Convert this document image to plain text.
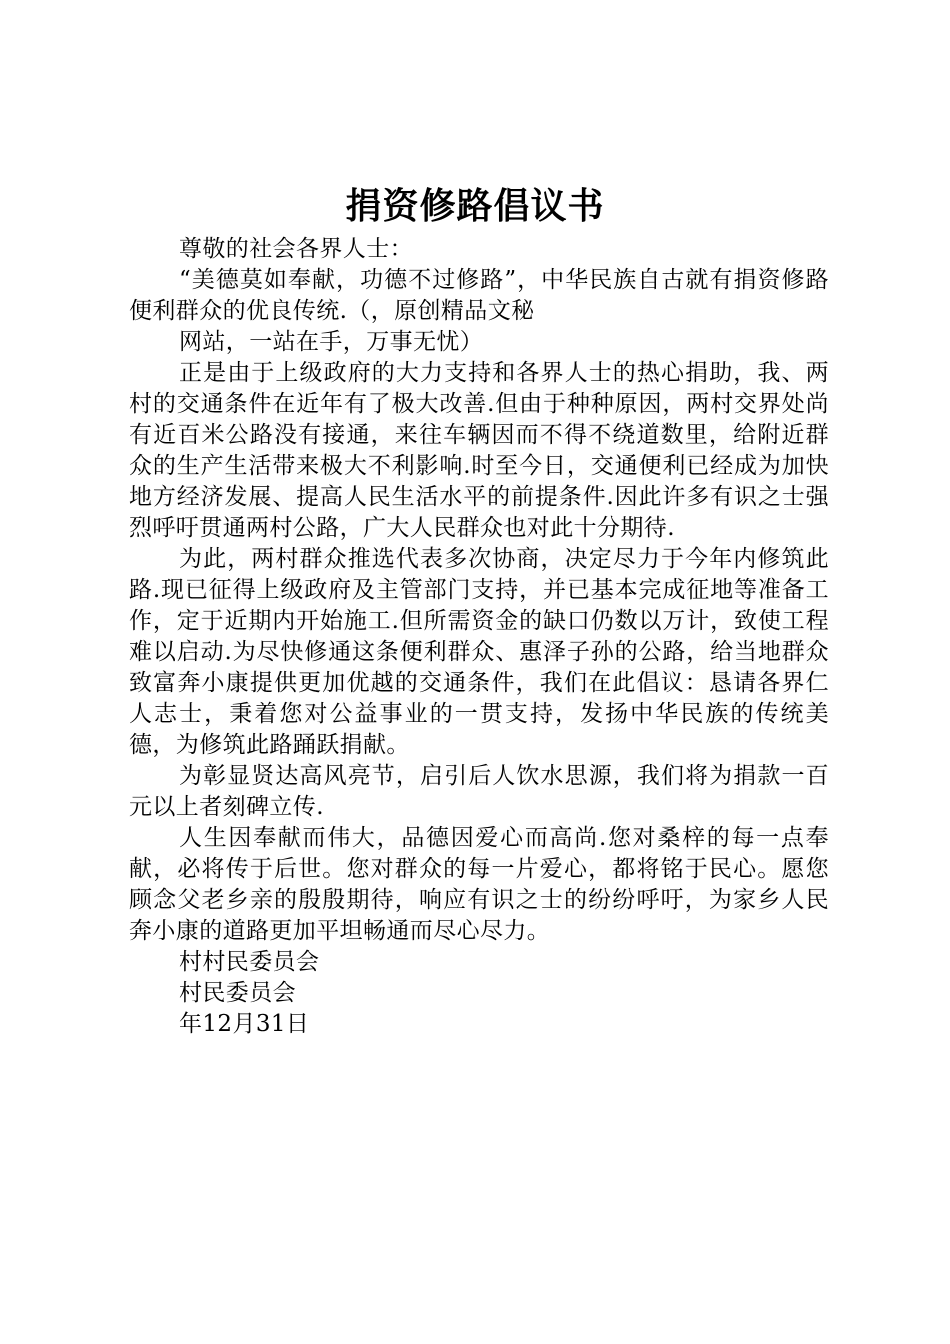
捐资修路倡议书

尊敬的社会各界人士：

“美德莫如奉献，功德不过修路”，中华民族自古就有捐资修路便利群众的优良传统.（，原创精品文秘

网站，一站在手，万事无忧）

正是由于上级政府的大力支持和各界人士的热心捐助，我、两村的交通条件在近年有了极大改善.但由于种种原因，两村交界处尚有近百米公路没有接通，来往车辆因而不得不绕道数里，给附近群众的生产生活带来极大不利影响.时至今日，交通便利已经成为加快地方经济发展、提高人民生活水平的前提条件.因此许多有识之士强烈呼吁贯通两村公路，广大人民群众也对此十分期待.

为此，两村群众推选代表多次协商，决定尽力于今年内修筑此路.现已征得上级政府及主管部门支持，并已基本完成征地等准备工作，定于近期内开始施工.但所需资金的缺口仍数以万计，致使工程难以启动.为尽快修通这条便利群众、惠泽子孙的公路，给当地群众致富奔小康提供更加优越的交通条件，我们在此倡议：恳请各界仁人志士，秉着您对公益事业的一贯支持，发扬中华民族的传统美德，为修筑此路踊跃捐献。

为彰显贤达高风亮节，启引后人饮水思源，我们将为捐款一百元以上者刻碑立传.

人生因奉献而伟大，品德因爱心而高尚.您对桑梓的每一点奉献，必将传于后世。您对群众的每一片爱心，都将铭于民心。愿您顾念父老乡亲的殷殷期待，响应有识之士的纷纷呼吁，为家乡人民奔小康的道路更加平坦畅通而尽心尽力。

村村民委员会

村民委员会

年12月31日
